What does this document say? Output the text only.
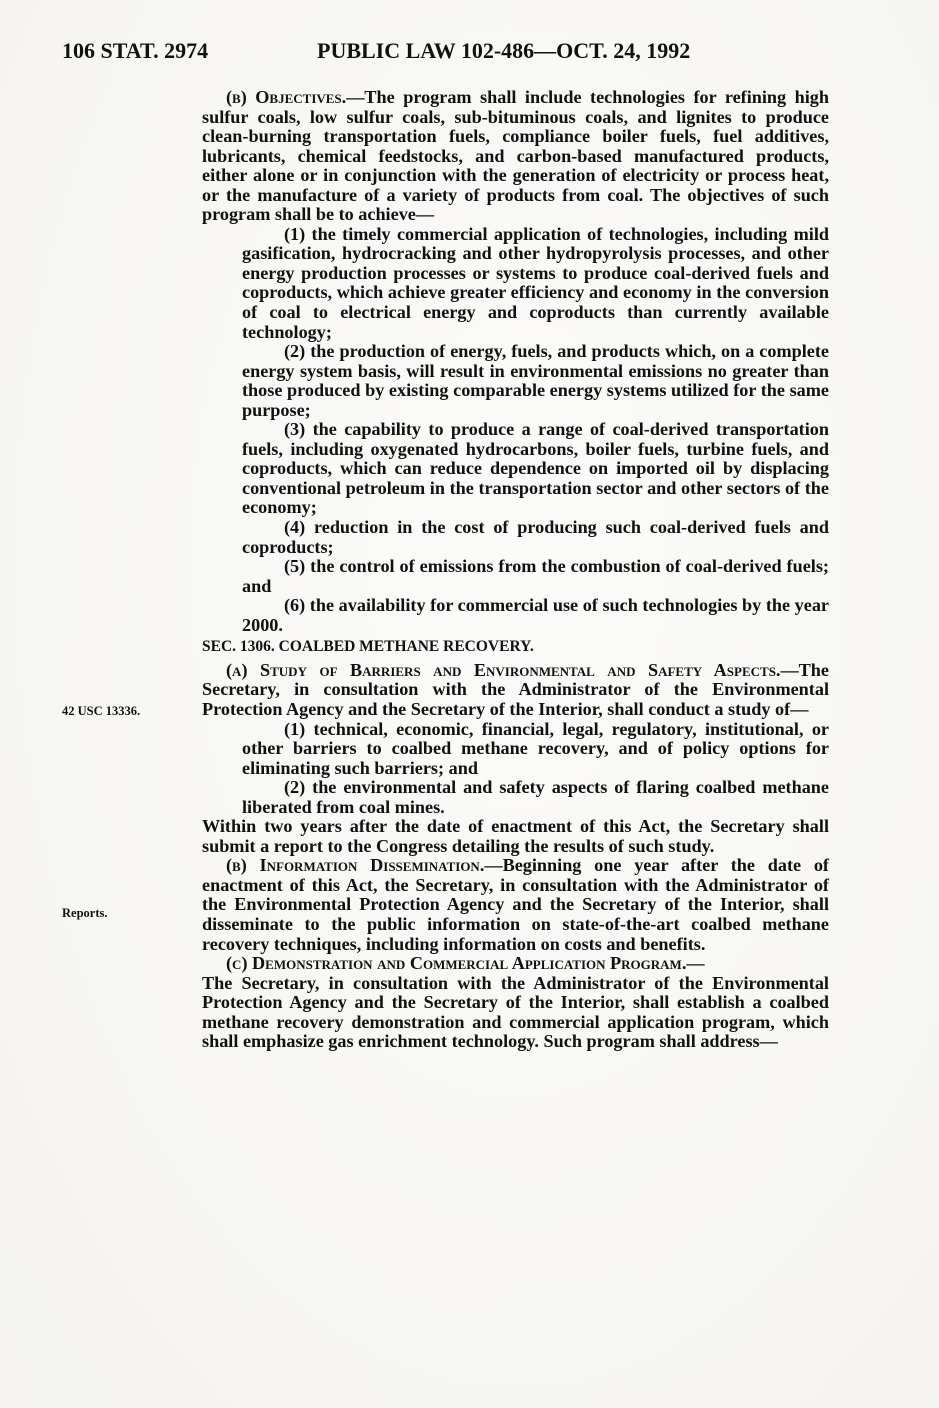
106 STAT. 2974	PUBLIC LAW 102-486—OCT. 24, 1992
42 USC 13336.
Reports.

(b) Objectives.—The program shall include technologies for refining high sulfur coals, low sulfur coals, sub-bituminous coals, and lignites to produce clean-burning transportation fuels, compliance boiler fuels, fuel additives, lubricants, chemical feedstocks, and carbon-based manufactured products, either alone or in conjunction with the generation of electricity or process heat, or the manufacture of a variety of products from coal. The objectives of such program shall be to achieve—

(1) the timely commercial application of technologies, including mild gasification, hydrocracking and other hydropyrolysis processes, and other energy production processes or systems to produce coal-derived fuels and coproducts, which achieve greater efficiency and economy in the conversion of coal to electrical energy and coproducts than currently available technology;

(2) the production of energy, fuels, and products which, on a complete energy system basis, will result in environmental emissions no greater than those produced by existing comparable energy systems utilized for the same purpose;

(3) the capability to produce a range of coal-derived transportation fuels, including oxygenated hydrocarbons, boiler fuels, turbine fuels, and coproducts, which can reduce dependence on imported oil by displacing conventional petroleum in the transportation sector and other sectors of the economy;

(4) reduction in the cost of producing such coal-derived fuels and coproducts;

(5) the control of emissions from the combustion of coal-derived fuels; and

(6) the availability for commercial use of such technologies by the year 2000.

SEC. 1306. COALBED METHANE RECOVERY.

(a) Study of Barriers and Environmental and Safety Aspects.—The Secretary, in consultation with the Administrator of the Environmental Protection Agency and the Secretary of the Interior, shall conduct a study of—

(1) technical, economic, financial, legal, regulatory, institutional, or other barriers to coalbed methane recovery, and of policy options for eliminating such barriers; and

(2) the environmental and safety aspects of flaring coalbed methane liberated from coal mines.

Within two years after the date of enactment of this Act, the Secretary shall submit a report to the Congress detailing the results of such study.

(b) Information Dissemination.—Beginning one year after the date of enactment of this Act, the Secretary, in consultation with the Administrator of the Environmental Protection Agency and the Secretary of the Interior, shall disseminate to the public information on state-of-the-art coalbed methane recovery techniques, including information on costs and benefits.

(c) Demonstration and Commercial Application Program.—

The Secretary, in consultation with the Administrator of the Environmental Protection Agency and the Secretary of the Interior, shall establish a coalbed methane recovery demonstration and commercial application program, which shall emphasize gas enrichment technology. Such program shall address—
